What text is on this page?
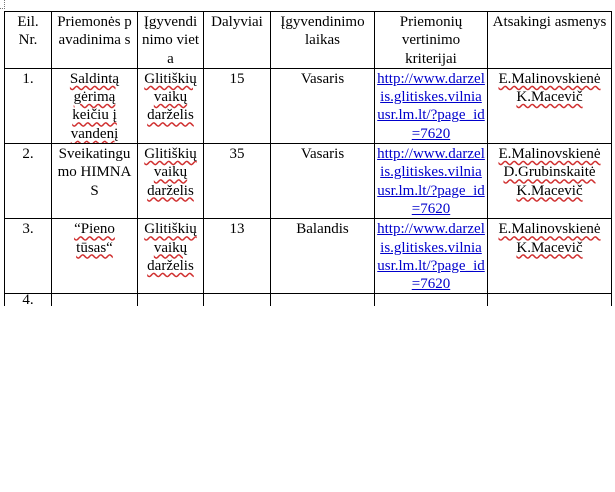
Eil. Nr.	Priemonės pavadinima s	Įgyvendi nimo vieta	Dalyviai	Įgyvendinimo laikas	Priemonių vertinimo kriterijai	Atsakingi asmenys
1.	Saldintą gėrimą keičiu į vandenį	Glitiškių vaikų darželis	15	Vasaris	http://www.darzelis.glitiskes.vilniausr.lm.lt/?page_id=7620	E.Malinovskienė
K.Macevič

2.	Sveikatingu mo HIMNAS	Glitiškių vaikų darželis	35	Vasaris	http://www.darzelis.glitiskes.vilniausr.lm.lt/?page_id=7620	E.Malinovskienė
D.Grubinskaitė
K.Macevič

3.	“Pieno tūsas“	Glitiškių vaikų darželis	13	Balandis	http://www.darzelis.glitiskes.vilniausr.lm.lt/?page_id=7620	E.Malinovskienė
K.Macevič

4.						
